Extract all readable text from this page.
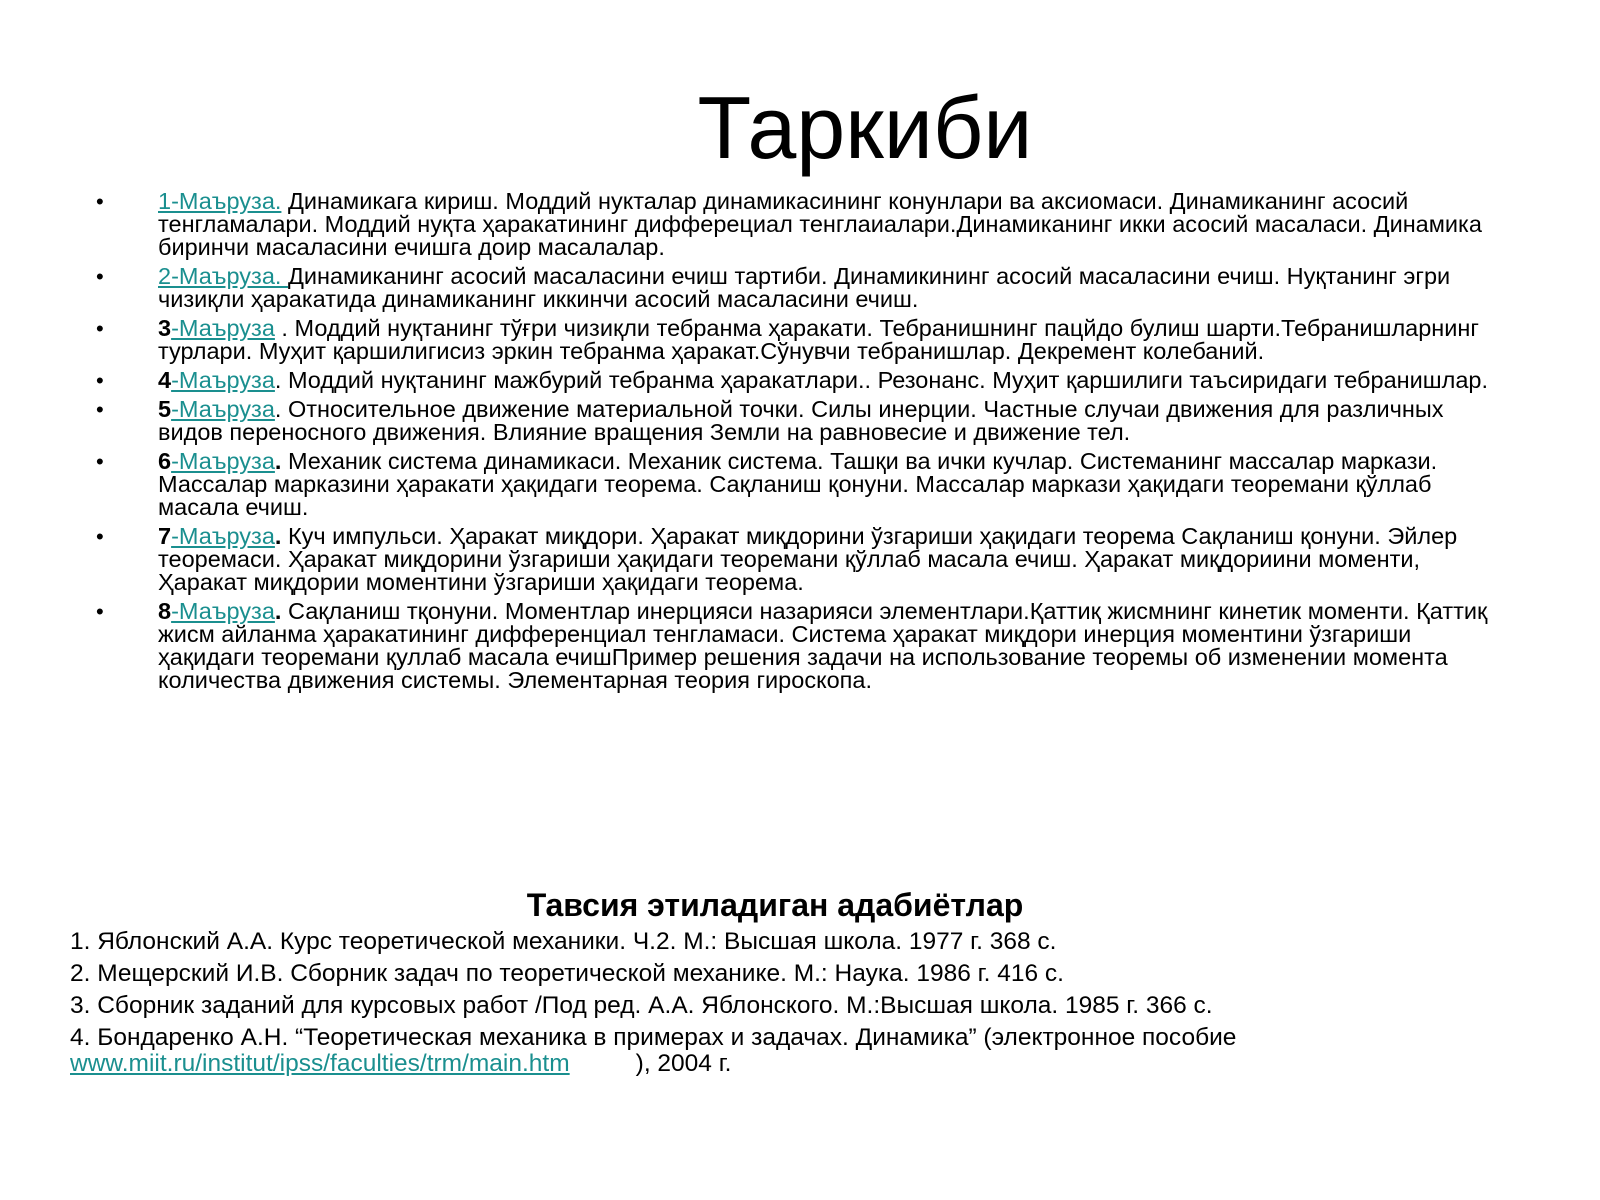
Таркиби
• 1-Маъруза. Динамикага кириш. Моддий нукталар динамикасининг конунлари ва аксиомаси. Динамиканинг асосий тенгламалари. Моддий нуқта ҳаракатининг дифферециал тенглаиалари.Динамиканинг икки асосий масаласи. Динамика биринчи масаласини ечишга доир масалалар.
• 2-Маъруза. Динамиканинг асосий масаласини ечиш тартиби. Динамикининг асосий масаласини ечиш. Нуқтанинг эгри чизиқли ҳаракатида динамиканинг иккинчи асосий масаласини ечиш.
• 3-Маъруза . Моддий нуқтанинг тўғри чизиқли тебранма ҳаракати. Тебранишнинг пацйдо булиш шарти.Тебранишларнинг турлари. Муҳит қаршилигисиз эркин тебранма ҳаракат.Сўнувчи тебранишлар. Декремент колебаний.
• 4-Маъруза. Моддий нуқтанинг мажбурий тебранма ҳаракатлари.. Резонанс. Муҳит қаршилиги таъсиридаги тебранишлар.
• 5-Маъруза. Относительное движение материальной точки. Силы инерции. Частные случаи движения для различных видов переносного движения. Влияние вращения Земли на равновесие и движение тел.
• 6-Маъруза. Механик система динамикаси. Механик система. Ташқи ва ички кучлар. Системанинг массалар маркази. Массалар марказини ҳаракати ҳақидаги теорема. Сақланиш қонуни. Массалар маркази ҳақидаги теоремани қўллаб масала ечиш.
• 7-Маъруза. Куч импульси. Ҳаракат миқдори. Ҳаракат миқдорини ўзгариши ҳақидаги теорема Сақланиш қонуни. Эйлер теоремаси. Ҳаракат миқдорини ўзгариши ҳақидаги теоремани қўллаб масала ечиш. Ҳаракат миқдориини моменти, Ҳаракат миқдории моментини ўзгариши ҳақидаги теорема.
• 8-Маъруза. Сақланиш тқонуни. Моментлар инерцияси назарияси элементлари.Қаттиқ жисмнинг кинетик моменти. Қаттиқ жисм айланма ҳаракатининг дифференциал тенгламаси. Система ҳаракат миқдори инерция моментини ўзгариши ҳақидаги теоремани қуллаб масала ечишПример решения задачи на использование теоремы об изменении момента количества движения системы. Элементарная теория гироскопа.
Тавсия этиладиган адабиётлар

1. Яблонский А.А. Курс теоретической механики. Ч.2. М.: Высшая школа. 1977 г. 368 с.

2. Мещерский И.В. Сборник задач по теоретической механике. М.: Наука. 1986 г. 416 с.

3. Сборник заданий для курсовых работ /Под ред. А.А. Яблонского. М.:Высшая школа. 1985 г. 366 с.

4. Бондаренко А.Н. “Теоретическая механика в примерах и задачах. Динамика” (электронное пособие www.miit.ru/institut/ipss/faculties/trm/main.htm	), 2004 г.
